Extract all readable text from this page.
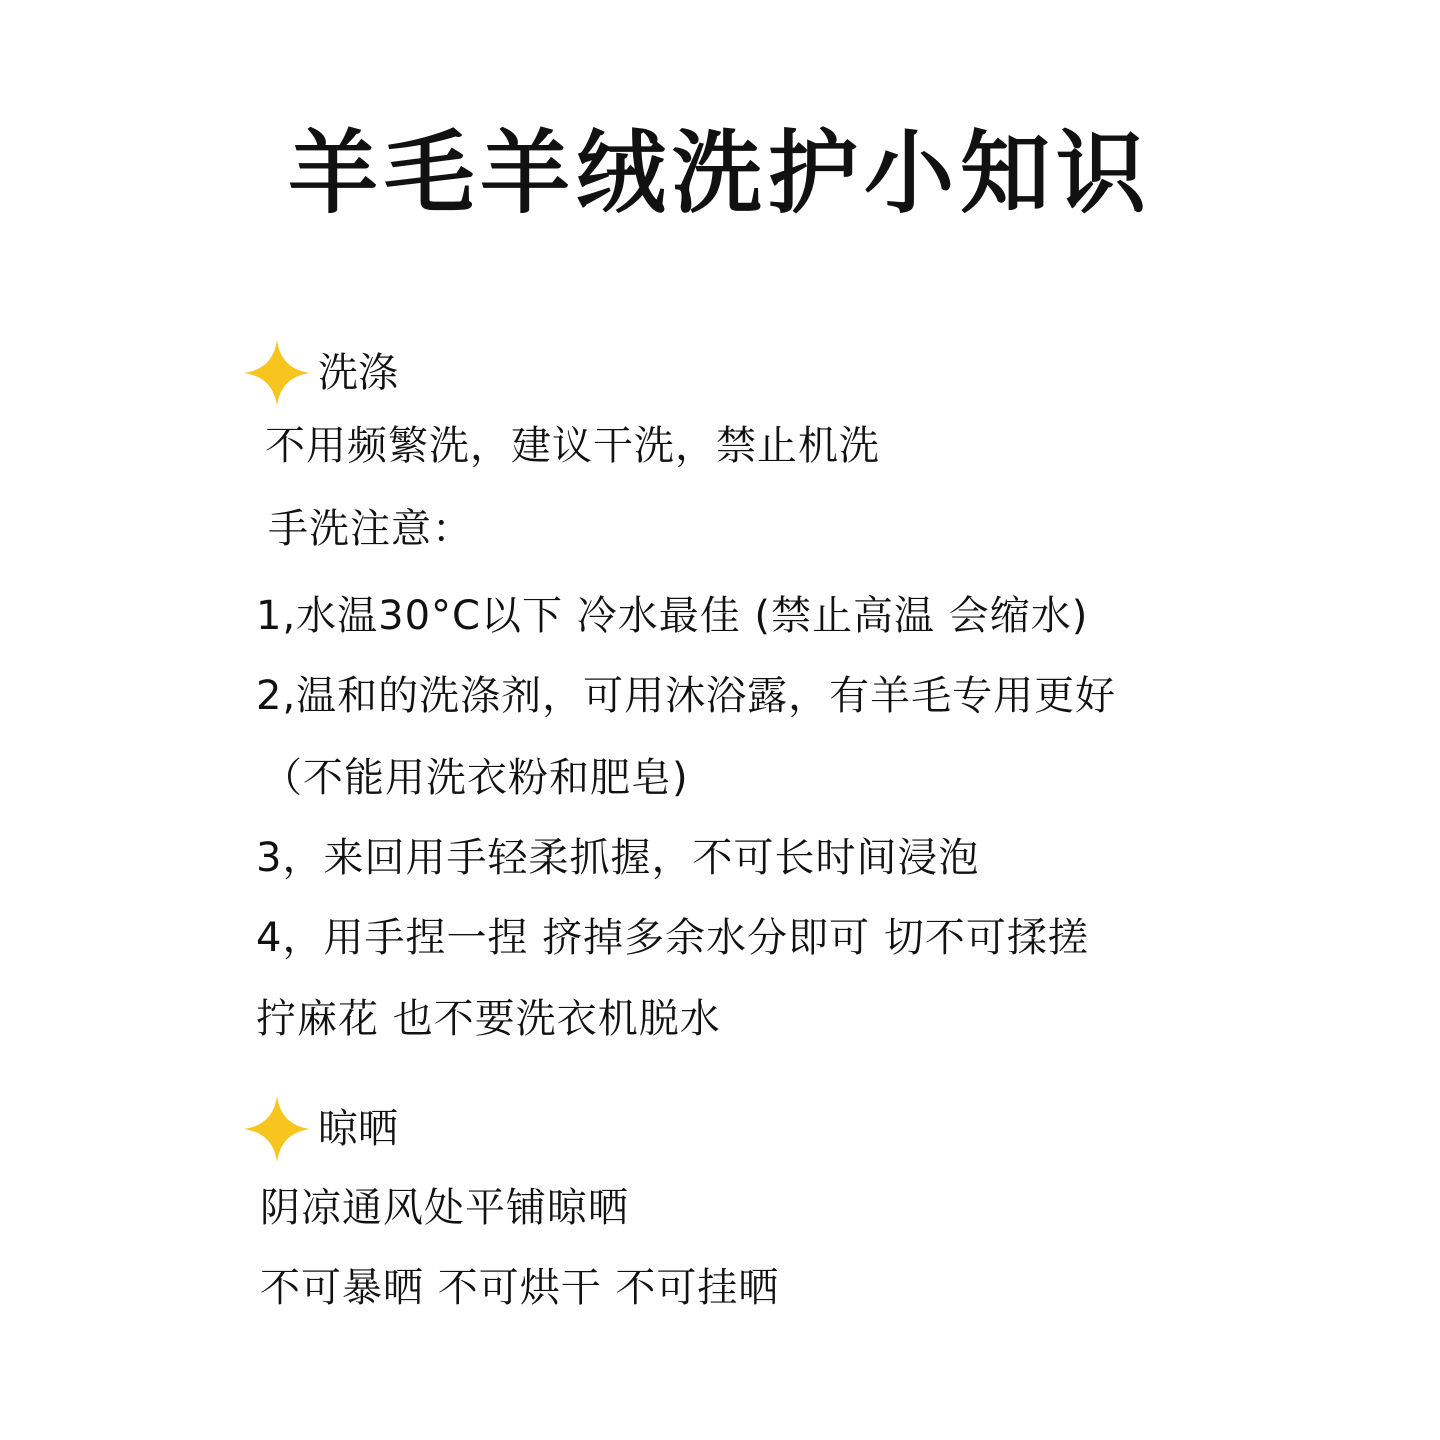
羊毛羊绒洗护小知识
洗涤
不用频繁洗，建议干洗，禁止机洗
手洗注意：
1,水温30°C以下 冷水最佳 (禁止高温 会缩水)
2,温和的洗涤剂，可用沐浴露，有羊毛专用更好
（不能用洗衣粉和肥皂)
3，来回用手轻柔抓握，不可长时间浸泡
4，用手捏一捏 挤掉多余水分即可 切不可揉搓
拧麻花 也不要洗衣机脱水
晾晒
阴凉通风处平铺晾晒
不可暴晒 不可烘干 不可挂晒
